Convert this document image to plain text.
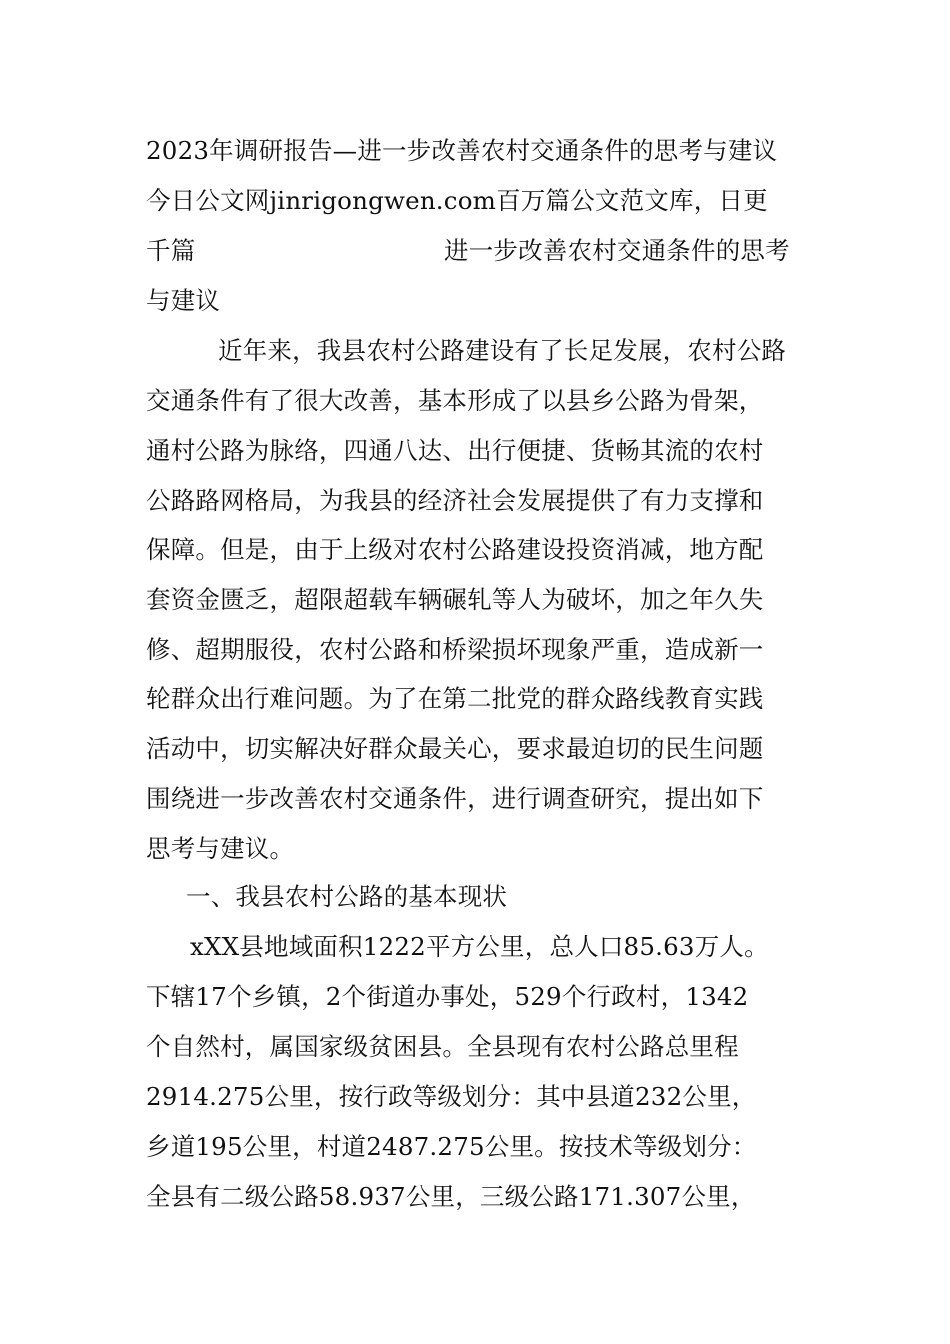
2023年调研报告—进一步改善农村交通条件的思考与建议
今日公文网jinrigongwen.com百万篇公文范文库，日更
千篇	进一步改善农村交通条件的思考
与建议
近年来，我县农村公路建设有了长足发展，农村公路
交通条件有了很大改善，基本形成了以县乡公路为骨架，
通村公路为脉络，四通八达、出行便捷、货畅其流的农村
公路路网格局，为我县的经济社会发展提供了有力支撑和
保障。但是，由于上级对农村公路建设投资消减，地方配
套资金匮乏，超限超载车辆碾轧等人为破坏，加之年久失
修、超期服役，农村公路和桥梁损坏现象严重，造成新一
轮群众出行难问题。为了在第二批党的群众路线教育实践
活动中，切实解决好群众最关心，要求最迫切的民生问题
围绕进一步改善农村交通条件，进行调查研究，提出如下
思考与建议。
一、我县农村公路的基本现状
xXX县地域面积1222平方公里，总人口85.63万人。
下辖17个乡镇，2个街道办事处，529个行政村，1342
个自然村，属国家级贫困县。全县现有农村公路总里程
2914.275公里，按行政等级划分：其中县道232公里，
乡道195公里，村道2487.275公里。按技术等级划分：
全县有二级公路58.937公里，三级公路171.307公里，
